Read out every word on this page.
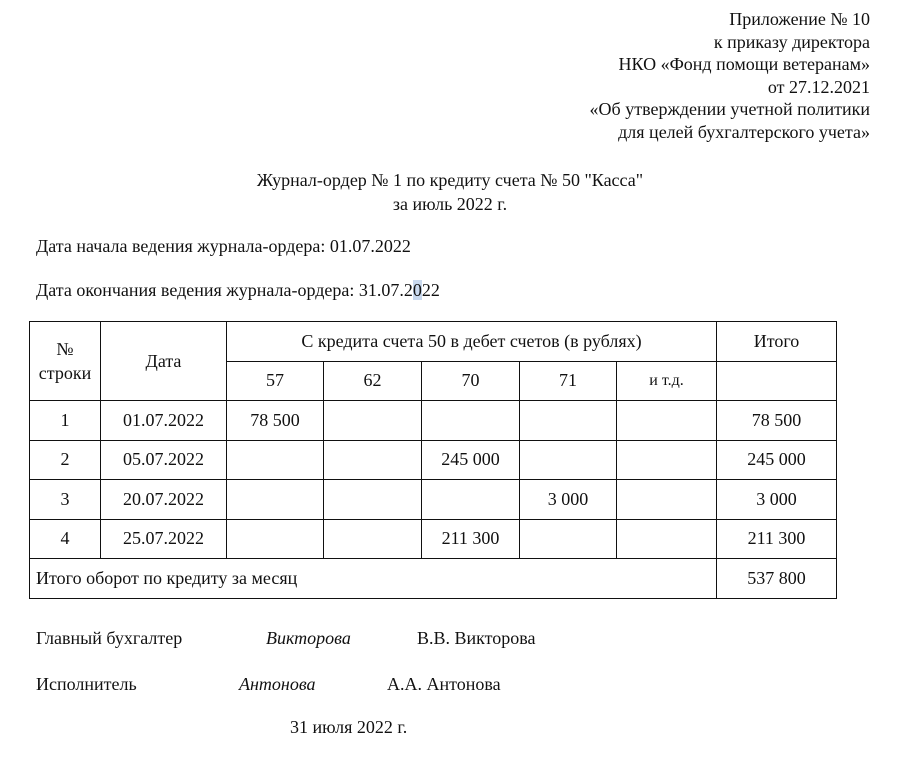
Приложение № 10
к приказу директора
НКО «Фонд помощи ветеранам»
от 27.12.2021
«Об утверждении учетной политики
для целей бухгалтерского учета»
Журнал-ордер № 1 по кредиту счета № 50 "Касса"
за июль 2022 г.
Дата начала ведения журнала-ордера: 01.07.2022
Дата окончания ведения журнала-ордера: 31.07.2022
№
строки	Дата	С кредита счета 50 в дебет счетов (в рублях)					Итого
		57	62	70	71	и т.д.	
1	01.07.2022	78 500					78 500
2	05.07.2022			245 000			245 000
3	20.07.2022				3 000		3 000
4	25.07.2022			211 300			211 300
Итого оборот по кредиту за месяц							537 800
Главный бухгалтер	Викторова	В.В. Викторова
Исполнитель	Антонова	А.А. Антонова
31 июля 2022 г.
